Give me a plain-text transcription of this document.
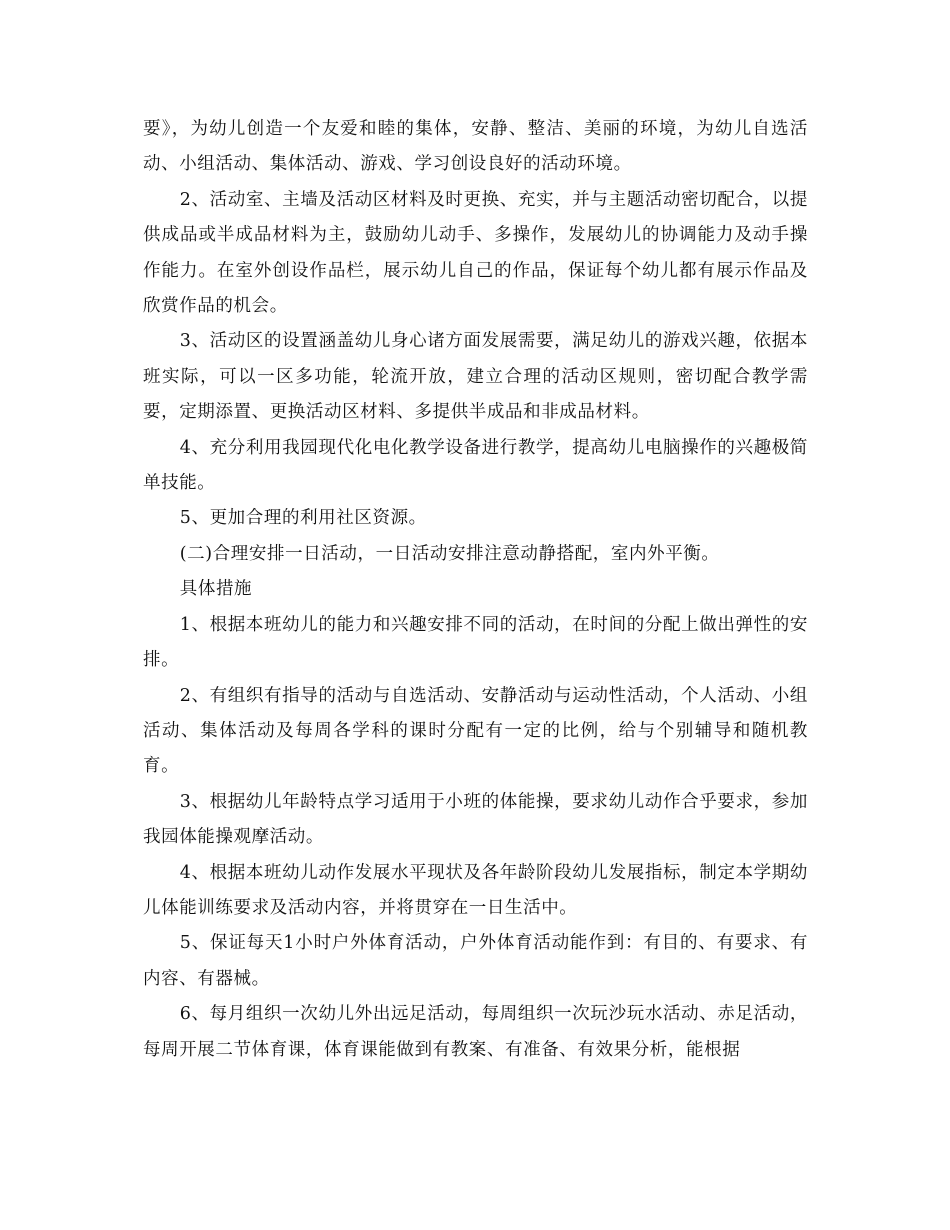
要》，为幼儿创造一个友爱和睦的集体，安静、整洁、美丽的环境，为幼儿自选活动、小组活动、集体活动、游戏、学习创设良好的活动环境。

2、活动室、主墙及活动区材料及时更换、充实，并与主题活动密切配合，以提供成品或半成品材料为主，鼓励幼儿动手、多操作，发展幼儿的协调能力及动手操作能力。在室外创设作品栏，展示幼儿自己的作品，保证每个幼儿都有展示作品及欣赏作品的机会。

3、活动区的设置涵盖幼儿身心诸方面发展需要，满足幼儿的游戏兴趣，依据本班实际，可以一区多功能，轮流开放，建立合理的活动区规则，密切配合教学需要，定期添置、更换活动区材料、多提供半成品和非成品材料。

4、充分利用我园现代化电化教学设备进行教学，提高幼儿电脑操作的兴趣极简单技能。

5、更加合理的利用社区资源。

(二)合理安排一日活动，一日活动安排注意动静搭配，室内外平衡。

具体措施

1、根据本班幼儿的能力和兴趣安排不同的活动，在时间的分配上做出弹性的安排。

2、有组织有指导的活动与自选活动、安静活动与运动性活动，个人活动、小组活动、集体活动及每周各学科的课时分配有一定的比例，给与个别辅导和随机教育。

3、根据幼儿年龄特点学习适用于小班的体能操，要求幼儿动作合乎要求，参加我园体能操观摩活动。

4、根据本班幼儿动作发展水平现状及各年龄阶段幼儿发展指标，制定本学期幼儿体能训练要求及活动内容，并将贯穿在一日生活中。

5、保证每天1小时户外体育活动，户外体育活动能作到：有目的、有要求、有内容、有器械。

6、每月组织一次幼儿外出远足活动，每周组织一次玩沙玩水活动、赤足活动，每周开展二节体育课，体育课能做到有教案、有准备、有效果分析，能根据
